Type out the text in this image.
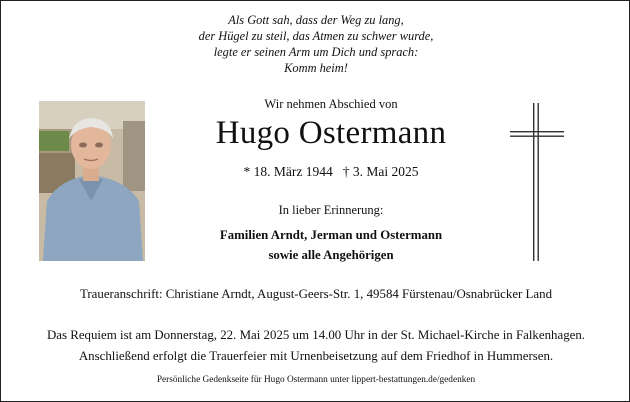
Als Gott sah, dass der Weg zu lang,
der Hügel zu steil, das Atmen zu schwer wurde,
legte er seinen Arm um Dich und sprach:
Komm heim!
Wir nehmen Abschied von
Hugo Ostermann
* 18. März 1944 † 3. Mai 2025
In lieber Erinnerung:
Familien Arndt, Jerman und Ostermann
sowie alle Angehörigen
Traueranschrift: Christiane Arndt, August-Geers-Str. 1, 49584 Fürstenau/Osnabrücker Land
Das Requiem ist am Donnerstag, 22. Mai 2025 um 14.00 Uhr in der St. Michael-Kirche in Falkenhagen.
Anschließend erfolgt die Trauerfeier mit Urnenbeisetzung auf dem Friedhof in Hummersen.
Persönliche Gedenkseite für Hugo Ostermann unter lippert-bestattungen.de/gedenken
